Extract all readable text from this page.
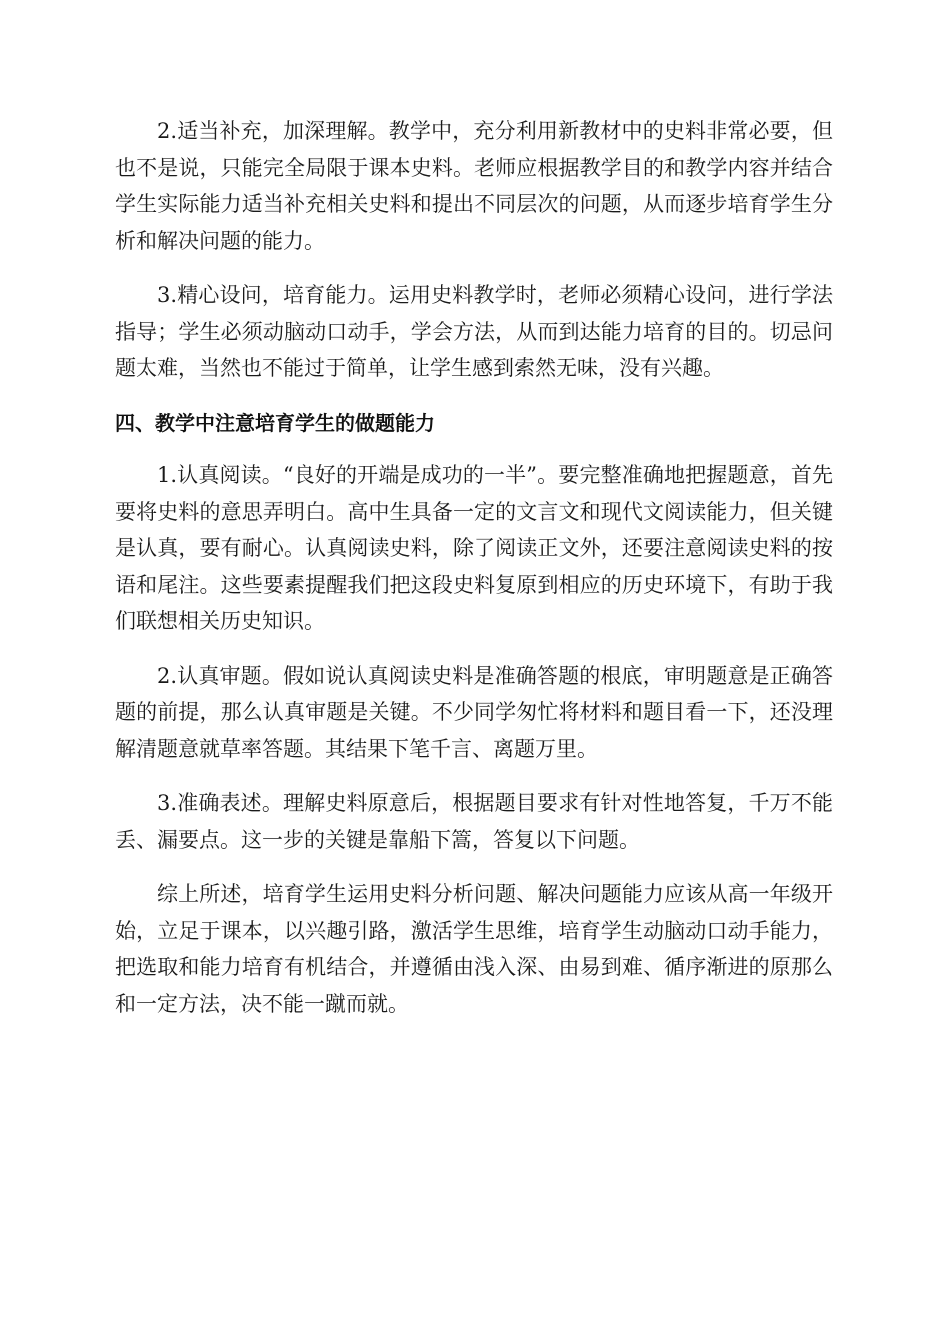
2.适当补充，加深理解。教学中，充分利用新教材中的史料非常必要，但也不是说，只能完全局限于课本史料。老师应根据教学目的和教学内容并结合学生实际能力适当补充相关史料和提出不同层次的问题，从而逐步培育学生分析和解决问题的能力。

3.精心设问，培育能力。运用史料教学时，老师必须精心设问，进行学法指导；学生必须动脑动口动手，学会方法，从而到达能力培育的目的。切忌问题太难，当然也不能过于简单，让学生感到索然无味，没有兴趣。

四、教学中注意培育学生的做题能力

1.认真阅读。“良好的开端是成功的一半”。要完整准确地把握题意，首先要将史料的意思弄明白。高中生具备一定的文言文和现代文阅读能力，但关键是认真，要有耐心。认真阅读史料，除了阅读正文外，还要注意阅读史料的按语和尾注。这些要素提醒我们把这段史料复原到相应的历史环境下，有助于我们联想相关历史知识。

2.认真审题。假如说认真阅读史料是准确答题的根底，审明题意是正确答题的前提，那么认真审题是关键。不少同学匆忙将材料和题目看一下，还没理解清题意就草率答题。其结果下笔千言、离题万里。

3.准确表述。理解史料原意后，根据题目要求有针对性地答复，千万不能丢、漏要点。这一步的关键是靠船下篙，答复以下问题。

综上所述，培育学生运用史料分析问题、解决问题能力应该从高一年级开始，立足于课本，以兴趣引路，激活学生思维，培育学生动脑动口动手能力，把选取和能力培育有机结合，并遵循由浅入深、由易到难、循序渐进的原那么和一定方法，决不能一蹴而就。
